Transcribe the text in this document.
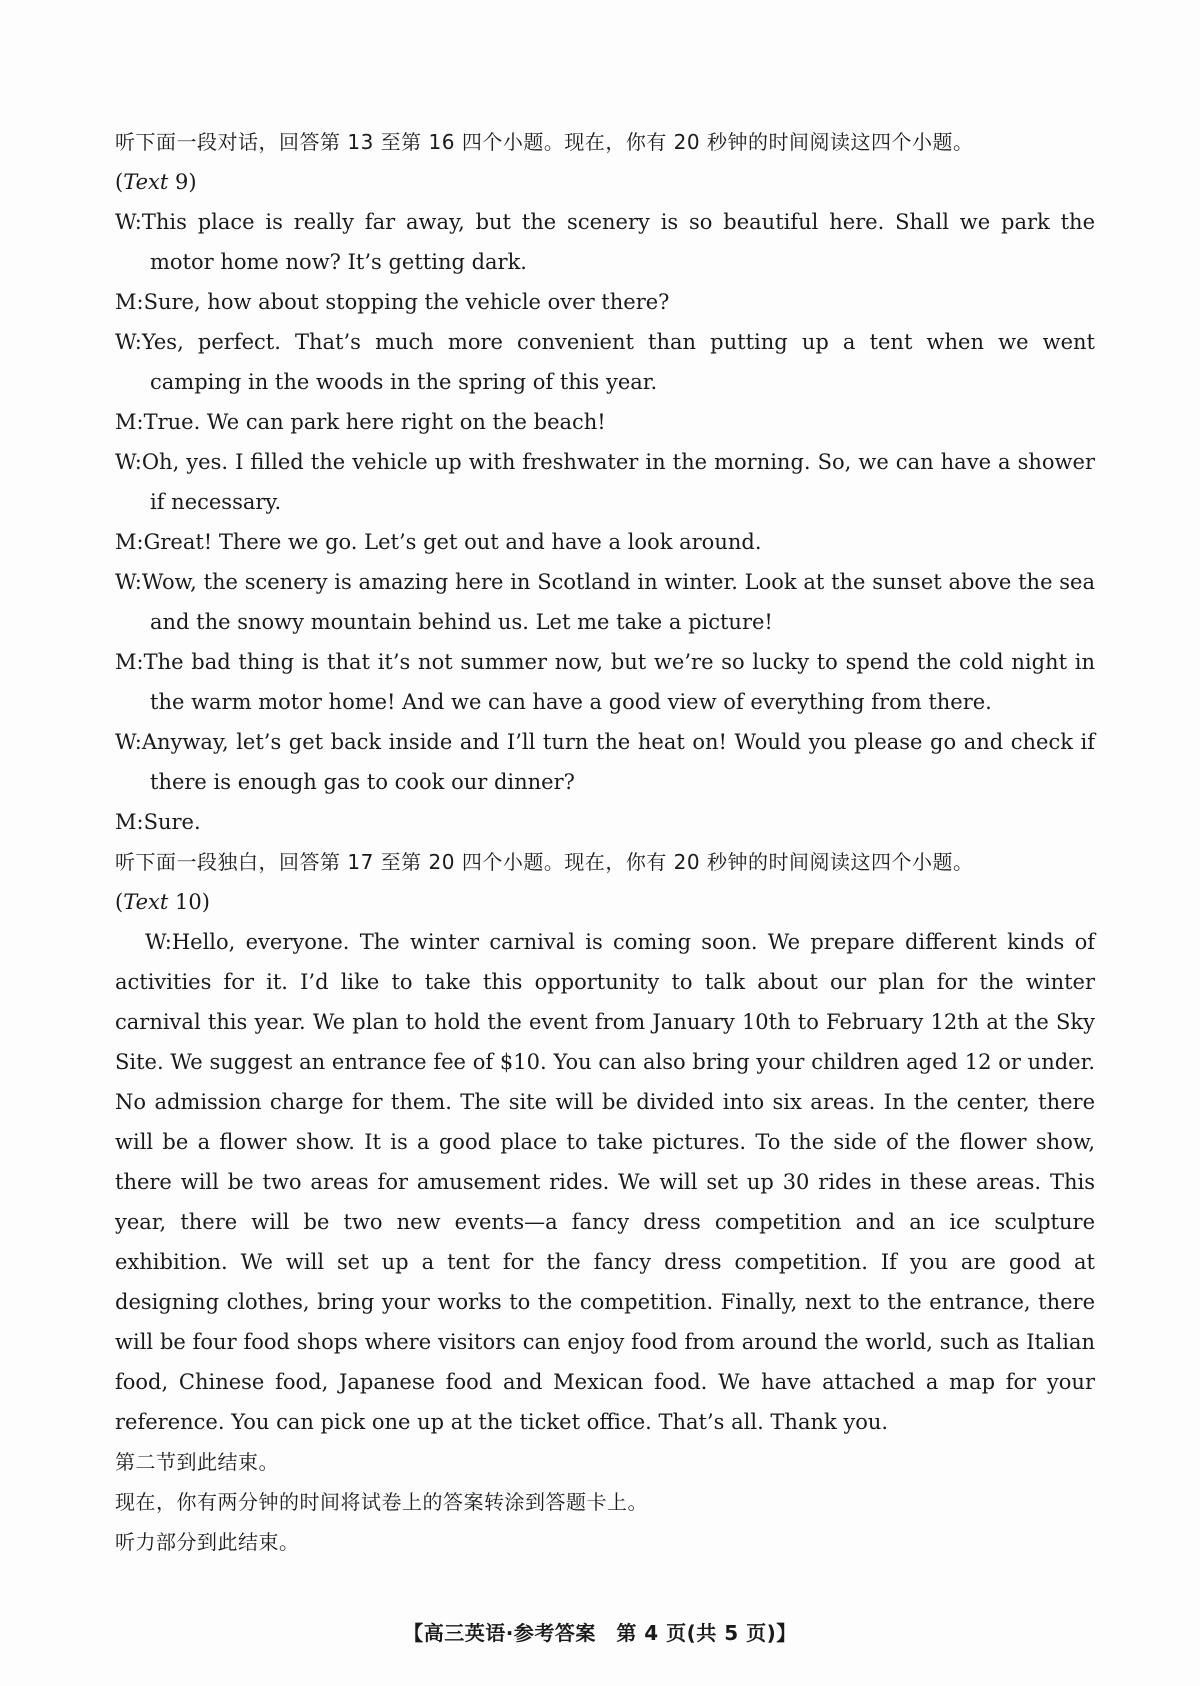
听下面一段对话，回答第 13 至第 16 四个小题。现在，你有 20 秒钟的时间阅读这四个小题。

(Text 9)

W:This place is really far away, but the scenery is so beautiful here. Shall we park the motor home now? It’s getting dark.

M:Sure, how about stopping the vehicle over there?

W:Yes, perfect. That’s much more convenient than putting up a tent when we went camping in the woods in the spring of this year.

M:True. We can park here right on the beach!

W:Oh, yes. I filled the vehicle up with freshwater in the morning. So, we can have a shower if necessary.

M:Great! There we go. Let’s get out and have a look around.

W:Wow, the scenery is amazing here in Scotland in winter. Look at the sunset above the sea and the snowy mountain behind us. Let me take a picture!

M:The bad thing is that it’s not summer now, but we’re so lucky to spend the cold night in the warm motor home! And we can have a good view of everything from there.

W:Anyway, let’s get back inside and I’ll turn the heat on! Would you please go and check if there is enough gas to cook our dinner?

M:Sure.

听下面一段独白，回答第 17 至第 20 四个小题。现在，你有 20 秒钟的时间阅读这四个小题。

(Text 10)

W:Hello, everyone. The winter carnival is coming soon. We prepare different kinds of activities for it. I’d like to take this opportunity to talk about our plan for the winter carnival this year. We plan to hold the event from January 10th to February 12th at the Sky Site. We suggest an entrance fee of $10. You can also bring your children aged 12 or under. No admission charge for them. The site will be divided into six areas. In the center, there will be a flower show. It is a good place to take pictures. To the side of the flower show, there will be two areas for amusement rides. We will set up 30 rides in these areas. This year, there will be two new events—a fancy dress competition and an ice sculpture exhibition. We will set up a tent for the fancy dress competition. If you are good at designing clothes, bring your works to the competition. Finally, next to the entrance, there will be four food shops where visitors can enjoy food from around the world, such as Italian food, Chinese food, Japanese food and Mexican food. We have attached a map for your reference. You can pick one up at the ticket office. That’s all. Thank you.

第二节到此结束。

现在，你有两分钟的时间将试卷上的答案转涂到答题卡上。

听力部分到此结束。

【高三英语·参考答案　第 4 页(共 5 页)】
